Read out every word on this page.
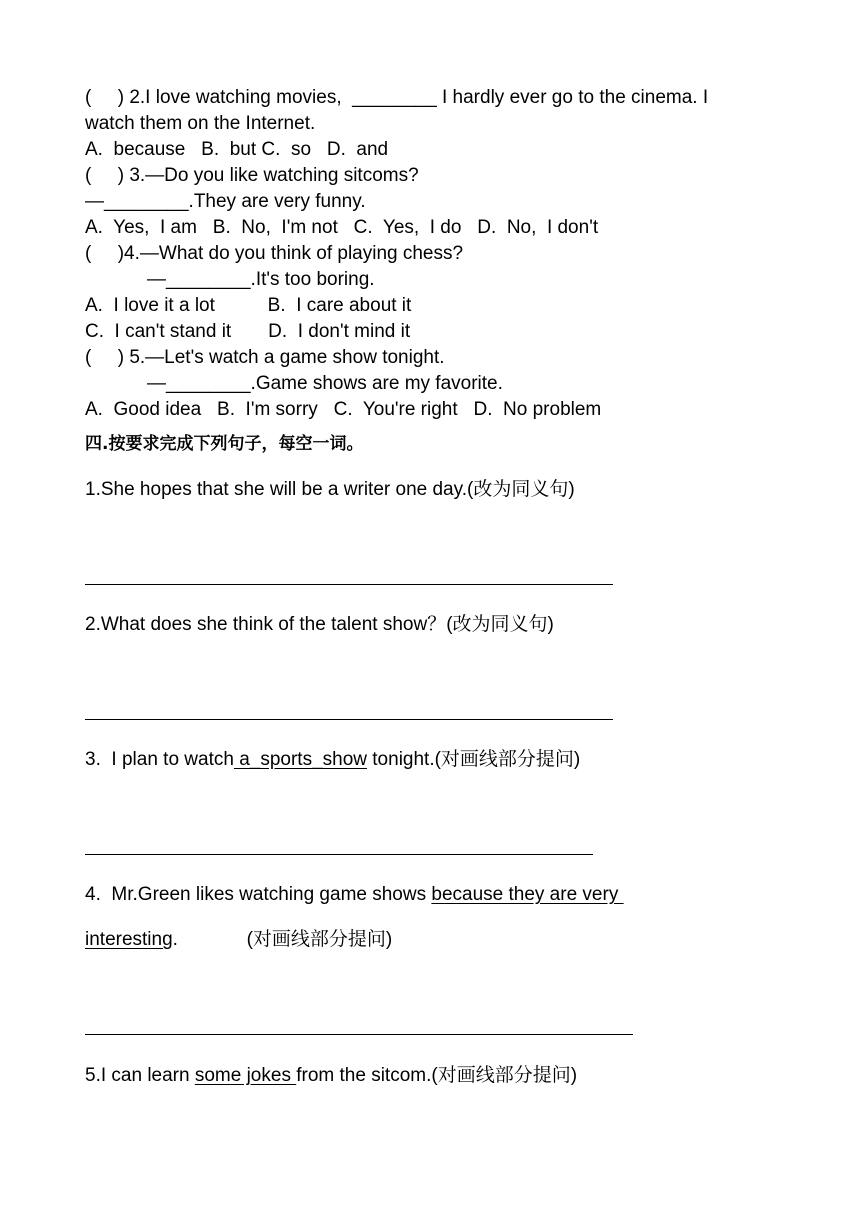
(     ) 2.I love watching movies,  ________ I hardly ever go to the cinema. I
watch them on the Internet.
A.  because   B.  but C.  so   D.  and
(     ) 3.—Do you like watching sitcoms?
—________.They are very funny.
A.  Yes,  I am   B.  No,  I'm not   C.  Yes,  I do   D.  No,  I don't
(     )4.—What do you think of playing chess?
—________.It's too boring.
A.  I love it a lot          B.  I care about it
C.  I can't stand it       D.  I don't mind it
(     ) 5.—Let's watch a game show tonight.
—________.Game shows are my favorite.
A.  Good idea   B.  I'm sorry   C.  You're right   D.  No problem
四.按要求完成下列句子，每空一词。
1.She hopes that she will be a writer one day.(改为同义句)
2.What does she think of the talent show？(改为同义句)
3.  I plan to watch a_sports_show tonight.(对画线部分提问)
4.  Mr.Green likes watching game shows because they are very
interesting.             (对画线部分提问)
5.I can learn some jokes from the sitcom.(对画线部分提问)
